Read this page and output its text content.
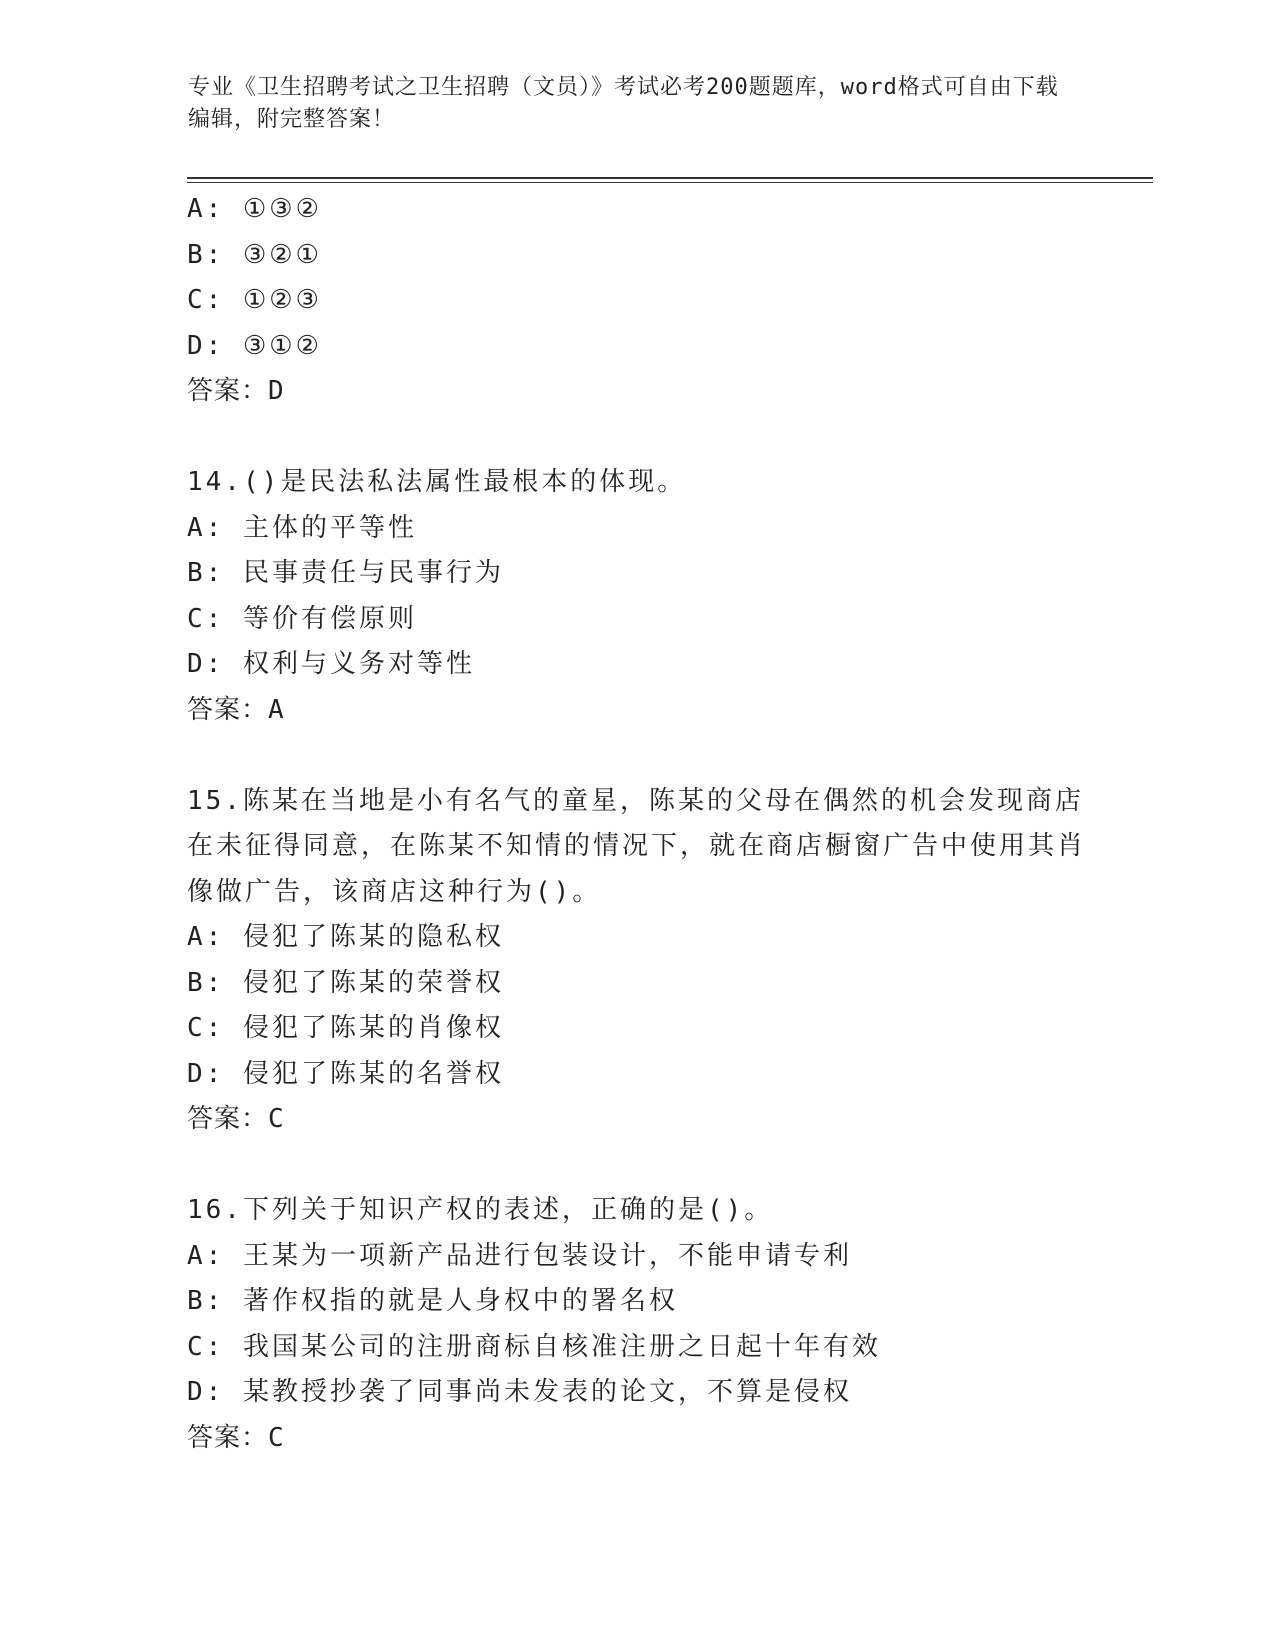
专业《卫生招聘考试之卫生招聘（文员）》考试必考200题题库，word格式可自由下载编辑，附完整答案！
A: ①③②
B: ③②①
C: ①②③
D: ③①②
答案：D
14.()是民法私法属性最根本的体现。
A: 主体的平等性
B: 民事责任与民事行为
C: 等价有偿原则
D: 权利与义务对等性
答案：A
15.陈某在当地是小有名气的童星，陈某的父母在偶然的机会发现商店在未征得同意，在陈某不知情的情况下，就在商店橱窗广告中使用其肖像做广告，该商店这种行为()。
A: 侵犯了陈某的隐私权
B: 侵犯了陈某的荣誉权
C: 侵犯了陈某的肖像权
D: 侵犯了陈某的名誉权
答案：C
16.下列关于知识产权的表述，正确的是()。
A: 王某为一项新产品进行包装设计，不能申请专利
B: 著作权指的就是人身权中的署名权
C: 我国某公司的注册商标自核准注册之日起十年有效
D: 某教授抄袭了同事尚未发表的论文，不算是侵权
答案：C
